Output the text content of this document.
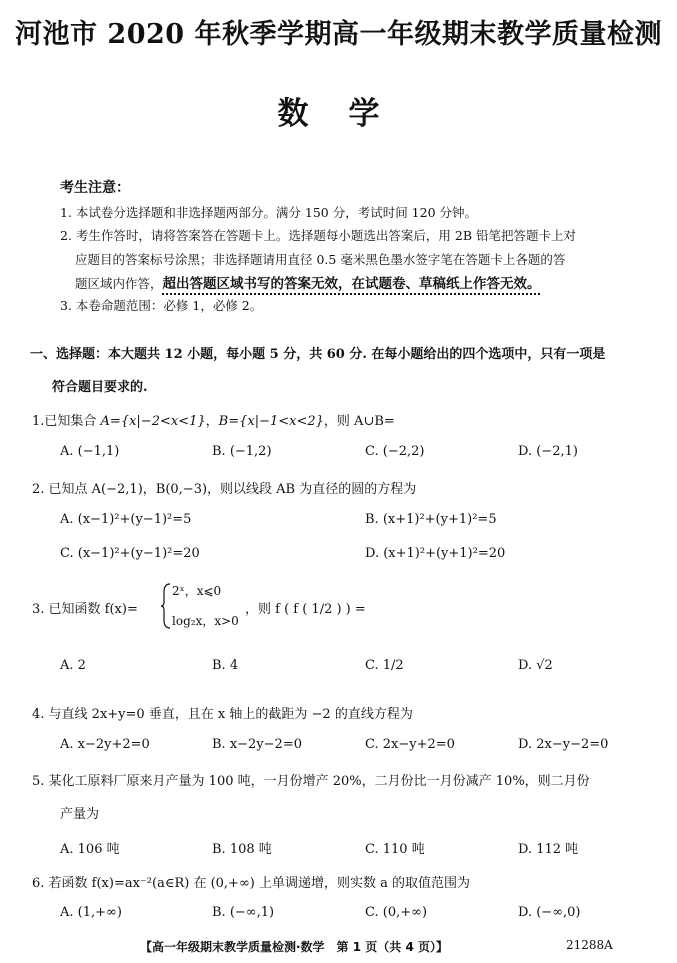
河池市 2020 年秋季学期高一年级期末教学质量检测
数学
考生注意：
1. 本试卷分选择题和非选择题两部分。满分 150 分，考试时间 120 分钟。
2. 考生作答时，请将答案答在答题卡上。选择题每小题选出答案后，用 2B 铅笔把答题卡上对
应题目的答案标号涂黑；非选择题请用直径 0.5 毫米黑色墨水签字笔在答题卡上各题的答
题区域内作答，超出答题区域书写的答案无效，在试题卷、草稿纸上作答无效。
3. 本卷命题范围：必修 1，必修 2。
一、选择题：本大题共 12 小题，每小题 5 分，共 60 分. 在每小题给出的四个选项中，只有一项是
符合题目要求的.
1.已知集合 A={x|−2<x<1}，B={x|−1<x<2}，则 A∪B=
A. (−1,1)	B. (−1,2)	C. (−2,2)	D. (−2,1)
2. 已知点 A(−2,1)，B(0,−3)，则以线段 AB 为直径的圆的方程为
A. (x−1)²+(y−1)²=5	B. (x+1)²+(y+1)²=5
C. (x−1)²+(y−1)²=20	D. (x+1)²+(y+1)²=20
3. 已知函数 f(x)=
2ˣ，x⩽0
log₂x，x>0
，则 f ( f ( 1/2 ) ) =
A. 2	B. 4	C. 1/2	D. √2
4. 与直线 2x+y=0 垂直，且在 x 轴上的截距为 −2 的直线方程为
A. x−2y+2=0	B. x−2y−2=0	C. 2x−y+2=0	D. 2x−y−2=0
5. 某化工原料厂原来月产量为 100 吨，一月份增产 20%，二月份比一月份减产 10%，则二月份
产量为
A. 106 吨	B. 108 吨	C. 110 吨	D. 112 吨
6. 若函数 f(x)=ax⁻²(a∈R) 在 (0,+∞) 上单调递增，则实数 a 的取值范围为
A. (1,+∞)	B. (−∞,1)	C. (0,+∞)	D. (−∞,0)
【高一年级期末教学质量检测·数学　第 1 页（共 4 页）】	21288A
